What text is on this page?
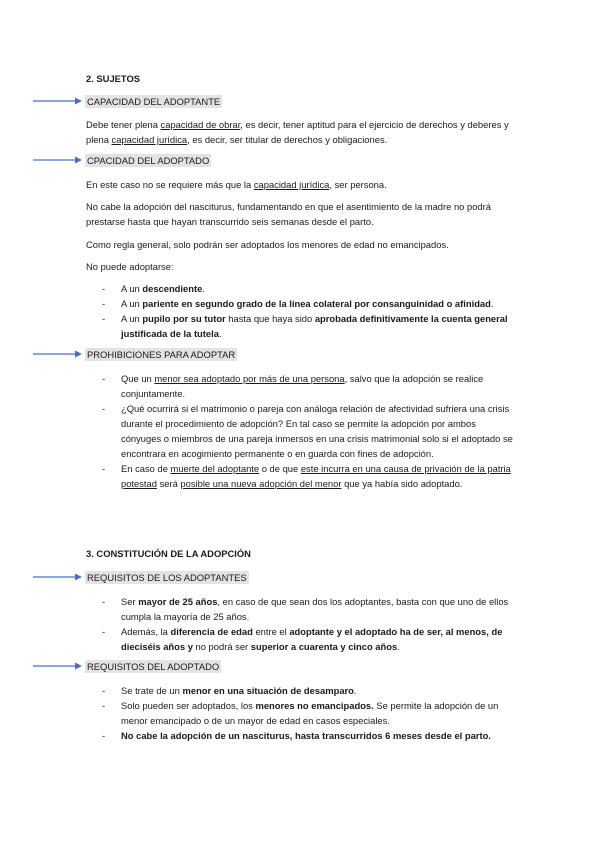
2. SUJETOS
CAPACIDAD DEL ADOPTANTE
Debe tener plena capacidad de obrar, es decir, tener aptitud para el ejercicio de derechos y deberes y plena capacidad jurídica, es decir, ser titular de derechos y obligaciones.
CPACIDAD DEL ADOPTADO
En este caso no se requiere más que la capacidad jurídica, ser persona.
No cabe la adopción del nasciturus, fundamentando en que el asentimiento de la madre no podrá prestarse hasta que hayan transcurrido seis semanas desde el parto.
Como regla general, solo podrán ser adoptados los menores de edad no emancipados.
No puede adoptarse:
- A un descendiente.
- A un pariente en segundo grado de la línea colateral por consanguinidad o afinidad.
- A un pupilo por su tutor hasta que haya sido aprobada definitivamente la cuenta general justificada de la tutela.
PROHIBICIONES PARA ADOPTAR
- Que un menor sea adoptado por más de una persona, salvo que la adopción se realice conjuntamente.
- ¿Qué ocurrirá si el matrimonio o pareja con análoga relación de afectividad sufriera una crisis durante el procedimiento de adopción? En tal caso se permite la adopción por ambos cónyuges o miembros de una pareja inmersos en una crisis matrimonial solo si el adoptado se encontrara en acogimiento permanente o en guarda con fines de adopción.
- En caso de muerte del adoptante o de que este incurra en una causa de privación de la patria potestad será posible una nueva adopción del menor que ya había sido adoptado.
3. CONSTITUCIÓN DE LA ADOPCIÓN
REQUISITOS DE LOS ADOPTANTES
- Ser mayor de 25 años, en caso de que sean dos los adoptantes, basta con que uno de ellos cumpla la mayoría de 25 años.
- Además, la diferencia de edad entre el adoptante y el adoptado ha de ser, al menos, de dieciséis años y no podrá ser superior a cuarenta y cinco años.
REQUISITOS DEL ADOPTADO
- Se trate de un menor en una situación de desamparo.
- Solo pueden ser adoptados, los menores no emancipados. Se permite la adopción de un menor emancipado o de un mayor de edad en casos especiales.
- No cabe la adopción de un nasciturus, hasta transcurridos 6 meses desde el parto.
